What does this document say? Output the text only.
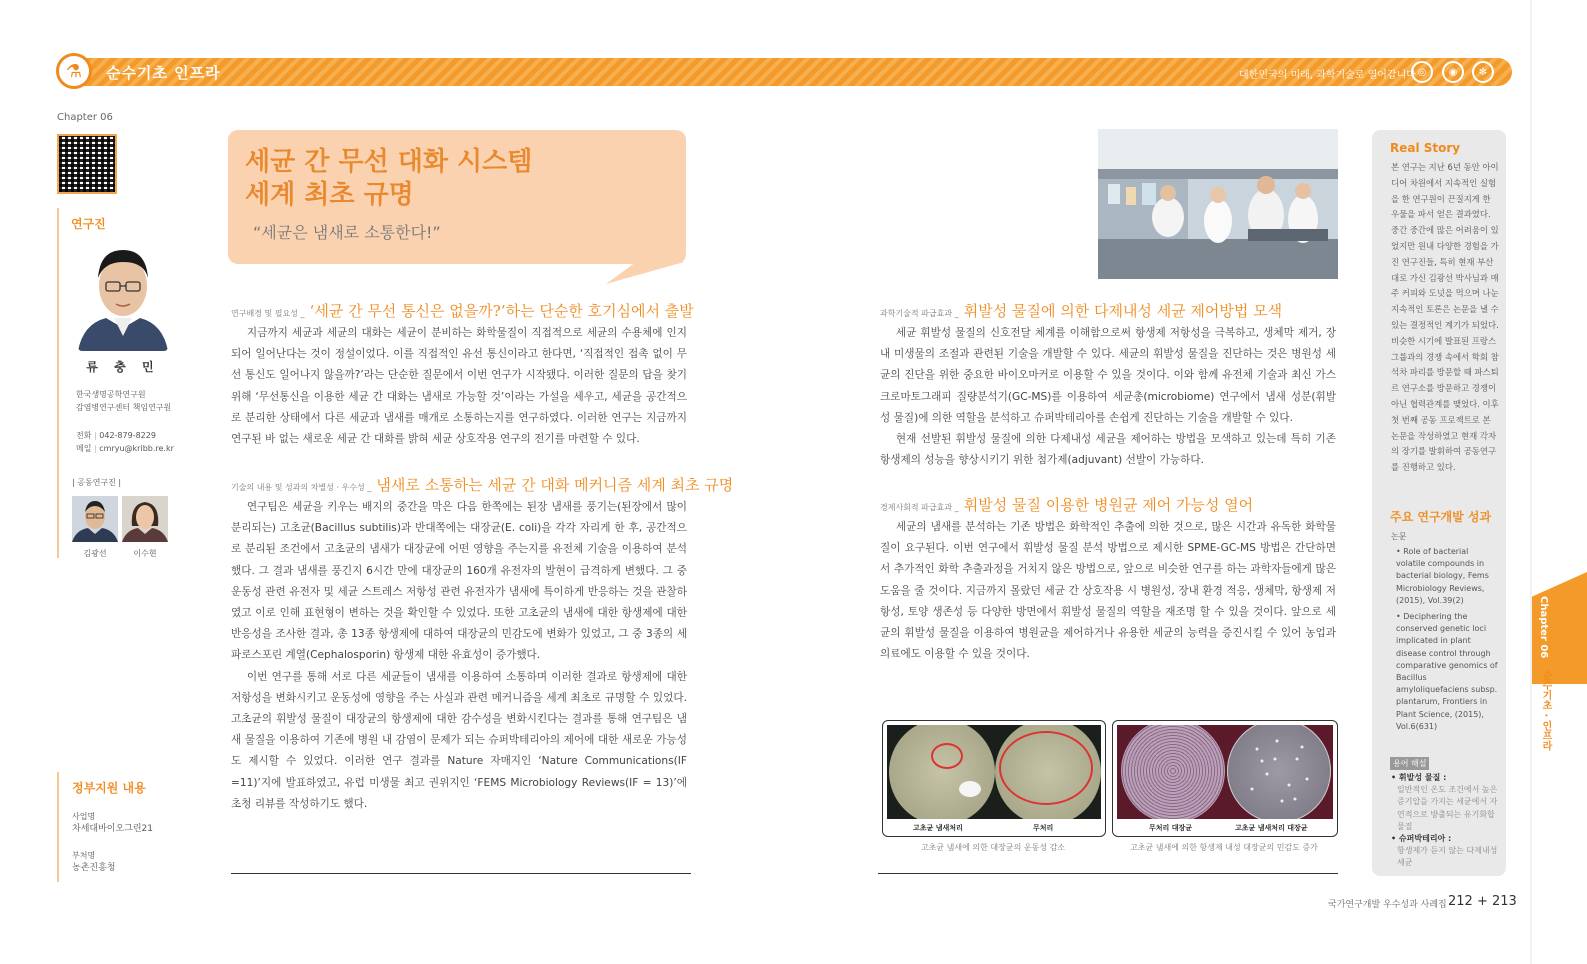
⚗	순수기초 인프라	대한민국의 미래, 과학기술로 열어갑니다 ◎	◉	✻
Chapter 06
연구진
류 충 민
한국생명공학연구원
감염병연구센터 책임연구원
전화 | 042-879-8229
메일 | cmryu@kribb.re.kr
| 공동연구진 |
김광선	이수현
정부지원 내용
사업명
차세대바이오그린21
부처명
농촌진흥청
세균 간 무선 대화 시스템
세계 최초 규명
“세균은 냄새로 소통한다!”
연구배경 및 필요성 _ ‘세균 간 무선 통신은 없을까?’하는 단순한 호기심에서 출발

지금까지 세균과 세균의 대화는 세균이 분비하는 화학물질이 직접적으로 세균의 수용체에 인지되어 일어난다는 것이 정설이었다. 이를 직접적인 유선 통신이라고 한다면, ‘직접적인 접촉 없이 무선 통신도 일어나지 않을까?’라는 단순한 질문에서 이번 연구가 시작됐다. 이러한 질문의 답을 찾기 위해 ‘무선통신을 이용한 세균 간 대화는 냄새로 가능할 것’이라는 가설을 세우고, 세균을 공간적으로 분리한 상태에서 다른 세균과 냄새를 매개로 소통하는지를 연구하였다. 이러한 연구는 지금까지 연구된 바 없는 새로운 세균 간 대화를 밝혀 세균 상호작용 연구의 전기를 마련할 수 있다.

기술의 내용 및 성과의 차별성 · 우수성 _ 냄새로 소통하는 세균 간 대화 메커니즘 세계 최초 규명

연구팀은 세균을 키우는 배지의 중간을 막은 다음 한쪽에는 된장 냄새를 풍기는(된장에서 많이 분리되는) 고초균(Bacillus subtilis)과 반대쪽에는 대장균(E. coli)을 각각 자리게 한 후, 공간적으로 분리된 조건에서 고초균의 냄새가 대장균에 어떤 영향을 주는지를 유전체 기술을 이용하여 분석했다. 그 결과 냄새를 풍긴지 6시간 만에 대장균의 160개 유전자의 발현이 급격하게 변했다. 그 중 운동성 관련 유전자 및 세균 스트레스 저항성 관련 유전자가 냄새에 특이하게 반응하는 것을 관찰하였고 이로 인해 표현형이 변하는 것을 확인할 수 있었다. 또한 고초균의 냄새에 대한 항생제에 대한 반응성을 조사한 결과, 총 13종 항생제에 대하여 대장균의 민감도에 변화가 있었고, 그 중 3종의 세파로스포린 계열(Cephalosporin) 항생제 대한 유효성이 증가했다.

이번 연구를 통해 서로 다른 세균들이 냄새를 이용하여 소통하며 이러한 결과로 항생제에 대한 저항성을 변화시키고 운동성에 영향을 주는 사실과 관련 메커니즘을 세계 최초로 규명할 수 있었다. 고초균의 휘발성 물질이 대장균의 항생제에 대한 감수성을 변화시킨다는 결과를 통해 연구팀은 냄새 물질을 이용하여 기존에 병원 내 감염이 문제가 되는 슈퍼박테리아의 제어에 대한 새로운 가능성도 제시할 수 있었다. 이러한 연구 결과를 Nature 자매지인 ‘Nature Communications(IF =11)’지에 발표하였고, 유럽 미생물 최고 권위지인 ‘FEMS Microbiology Reviews(IF = 13)’에 초청 리뷰를 작성하기도 했다.

과학기술적 파급효과 _ 휘발성 물질에 의한 다제내성 세균 제어방법 모색

세균 휘발성 물질의 신호전달 체계를 이해함으로써 항생제 저항성을 극복하고, 생체막 제거, 장내 미생물의 조절과 관련된 기술을 개발할 수 있다. 세균의 휘발성 물질을 진단하는 것은 병원성 세균의 진단을 위한 중요한 바이오마커로 이용할 수 있을 것이다. 이와 함께 유전체 기술과 최신 가스크로마토그래피 질량분석기(GC-MS)를 이용하여 세균총(microbiome) 연구에서 냄새 성분(휘발성 물질)에 의한 역할을 분석하고 슈퍼박테리아를 손쉽게 진단하는 기술을 개발할 수 있다.

현재 선발된 휘발성 물질에 의한 다제내성 세균을 제어하는 방법을 모색하고 있는데 특히 기존 항생제의 성능을 향상시키기 위한 첨가제(adjuvant) 선발이 가능하다.

경제사회적 파급효과 _ 휘발성 물질 이용한 병원균 제어 가능성 열어

세균의 냄새를 분석하는 기존 방법은 화학적인 추출에 의한 것으로, 많은 시간과 유독한 화학물질이 요구된다. 이번 연구에서 휘발성 물질 분석 방법으로 제시한 SPME-GC-MS 방법은 간단하면서 추가적인 화학 추출과정을 거치지 않은 방법으로, 앞으로 비슷한 연구를 하는 과학자들에게 많은 도움을 줄 것이다. 지금까지 몰랐던 세균 간 상호작용 시 병원성, 장내 환경 적응, 생체막, 항생제 저항성, 토양 생존성 등 다양한 방면에서 휘발성 물질의 역할을 재조명 할 수 있을 것이다. 앞으로 세균의 휘발성 물질을 이용하여 병원균을 제어하거나 유용한 세균의 능력을 증진시킬 수 있어 농업과 의료에도 이용할 수 있을 것이다.

고초균 냄새처리	무처리
고초균 냄새에 의한 대장균의 운동성 감소
무처리 대장균	고초균 냄새처리 대장균
고초균 냄새에 의한 항생제 내성 대장균의 민감도 증가
Real Story
본 연구는 지난 6년 동안 아이디어 차원에서 지속적인 실험을 한 연구원이 끈질지게 한 우물을 파서 얻은 결과였다. 중간 중간에 많은 어려움이 있었지만 원내 다양한 경험을 가진 연구진들, 특히 현재 부산대로 가신 김광선 박사님과 매주 커피와 도넛을 먹으며 나눈 지속적인 토론은 논문을 낼 수 있는 결정적인 계기가 되었다. 비슷한 시기에 발표된 프랑스 그룹과의 경쟁 속에서 학회 참석차 파리를 방문할 때 파스퇴르 연구소를 방문하고 경쟁이 아닌 협력관계를 맺었다. 이후 첫 번째 공동 프로젝트로 본 논문을 작성하였고 현재 각자의 장기를 발휘하여 공동연구를 진행하고 있다.
주요 연구개발 성과
논문
• Role of bacterial volatile compounds in bacterial biology, Fems Microbiology Reviews, (2015), Vol.39(2)
• Deciphering the conserved genetic loci implicated in plant disease control through comparative genomics of Bacillus amyloliquefaciens subsp. plantarum, Frontiers in Plant Science, (2015), Vol.6(631)
용어 해설
• 휘발성 물질 :
일반적인 온도 조건에서 높은 증기압을 가지는 세균에서 자연적으로 방출되는 유기화합물질
• 슈퍼박테리아 :
항생제가 듣지 않는 다제내성 세균
Chapter 06
순수기초 · 인프라
국가연구개발 우수성과 사례집 212 + 213
